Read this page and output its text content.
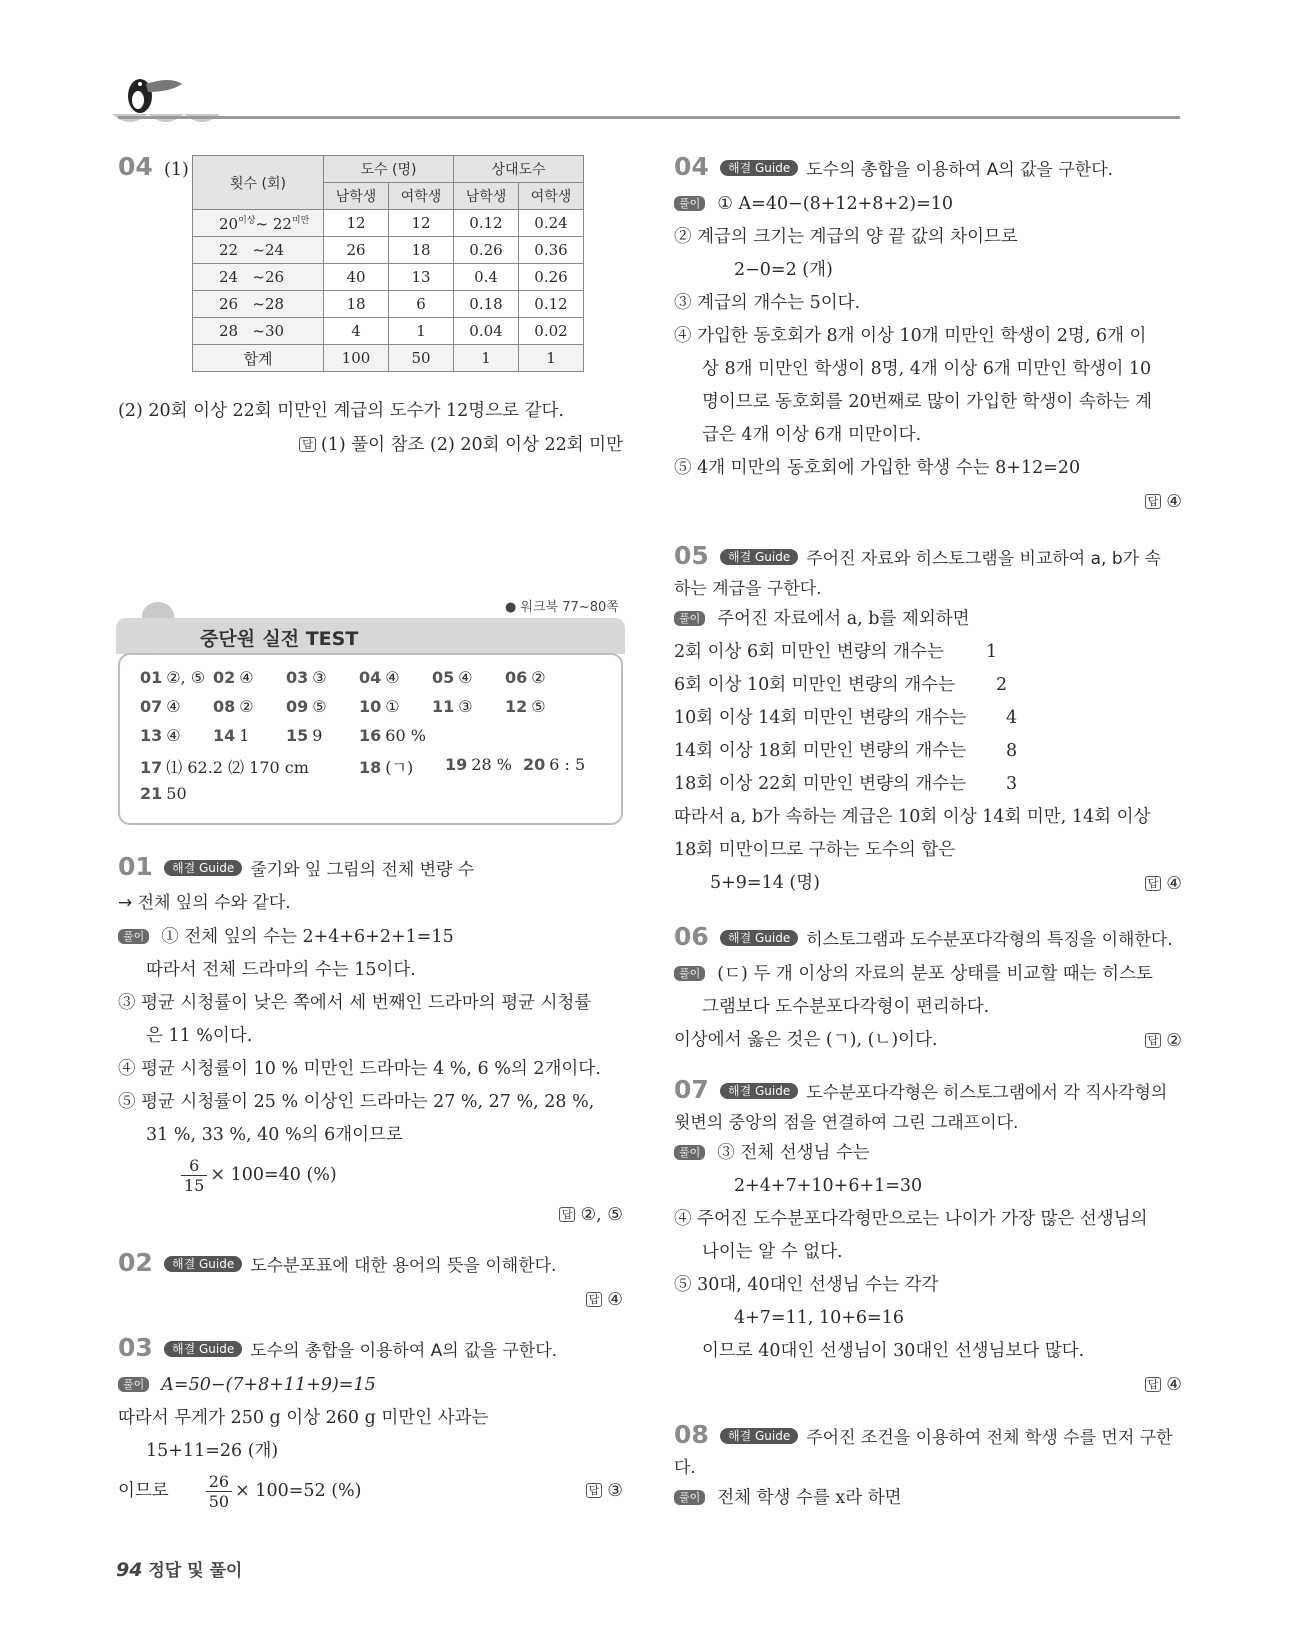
04 (1)
횟수 (회)	도수 (명)		상대도수	
	남학생	여학생	남학생	여학생
$20^{이상}\sim$ $22^{미만}$	12	12	0.12	0.24
22 ~24	26	18	0.26	0.36
24 ~26	40	13	0.4	0.26
26 ~28	18	6	0.18	0.12
28 ~30	4	1	0.04	0.02
합계	100	50	1	1
(2) 20회 이상 22회 미만인 계급의 도수가 12명으로 같다.
답 (1) 풀이 참조 (2) 20회 이상 22회 미만
● 워크북 77~80쪽
중단원 실전 TEST
01 ②, ⑤ 02 ④ 03 ③ 04 ④ 05 ④ 06 ②
07 ④ 08 ② 09 ⑤ 10 ① 11 ③ 12 ⑤
13 ④ 14 1 15 9 16 60 %
17 ⑴ 62.2 ⑵ 170 cm	18 (ㄱ) 19 28 % 20 6 : 5
21 50
01 해결 Guide 줄기와 잎 그림의 전체 변량 수
→ 전체 잎의 수와 같다.
풀이 ① 전체 잎의 수는 2+4+6+2+1=15
따라서 전체 드라마의 수는 15이다.
③ 평균 시청률이 낮은 쪽에서 세 번째인 드라마의 평균 시청률
은 11 %이다.
④ 평균 시청률이 10 % 미만인 드라마는 4 %, 6 %의 2개이다.
⑤ 평균 시청률이 25 % 이상인 드라마는 27 %, 27 %, 28 %,
31 %, 33 %, 40 %의 6개이므로
$\frac{6}{15} \times 100=40$ (%)
답 ②, ⑤
02 해결 Guide 도수분포표에 대한 용어의 뜻을 이해한다.
답 ④
03 해결 Guide 도수의 총합을 이용하여 A의 값을 구한다.
풀이 A=50−(7+8+11+9)=15
따라서 무게가 250 g 이상 260 g 미만인 사과는
15+11=26 (개)
이므로 $\frac{26}{50} \times 100=52$ (%)	답 ③
04 해결 Guide 도수의 총합을 이용하여 A의 값을 구한다.
풀이 ① A=40−(8+12+8+2)=10
② 계급의 크기는 계급의 양 끝 값의 차이므로
2−0=2 (개)
③ 계급의 개수는 5이다.
④ 가입한 동호회가 8개 이상 10개 미만인 학생이 2명, 6개 이
상 8개 미만인 학생이 8명, 4개 이상 6개 미만인 학생이 10
명이므로 동호회를 20번째로 많이 가입한 학생이 속하는 계
급은 4개 이상 6개 미만이다.
⑤ 4개 미만의 동호회에 가입한 학생 수는 8+12=20
답 ④
05 해결 Guide 주어진 자료와 히스토그램을 비교하여 a, b가 속
하는 계급을 구한다.
풀이 주어진 자료에서 a, b를 제외하면
2회 이상 6회 미만인 변량의 개수는 1
6회 이상 10회 미만인 변량의 개수는 2
10회 이상 14회 미만인 변량의 개수는 4
14회 이상 18회 미만인 변량의 개수는 8
18회 이상 22회 미만인 변량의 개수는 3
따라서 a, b가 속하는 계급은 10회 이상 14회 미만, 14회 이상
18회 미만이므로 구하는 도수의 합은
5+9=14 (명)	답 ④
06 해결 Guide 히스토그램과 도수분포다각형의 특징을 이해한다.
풀이 (ㄷ) 두 개 이상의 자료의 분포 상태를 비교할 때는 히스토
그램보다 도수분포다각형이 편리하다.
이상에서 옳은 것은 (ㄱ), (ㄴ)이다.	답 ②
07 해결 Guide 도수분포다각형은 히스토그램에서 각 직사각형의
윗변의 중앙의 점을 연결하여 그린 그래프이다.
풀이 ③ 전체 선생님 수는
2+4+7+10+6+1=30
④ 주어진 도수분포다각형만으로는 나이가 가장 많은 선생님의
나이는 알 수 없다.
⑤ 30대, 40대인 선생님 수는 각각
4+7=11, 10+6=16
이므로 40대인 선생님이 30대인 선생님보다 많다.
답 ④
08 해결 Guide 주어진 조건을 이용하여 전체 학생 수를 먼저 구한
다.
풀이 전체 학생 수를 x라 하면
94 정답 및 풀이
